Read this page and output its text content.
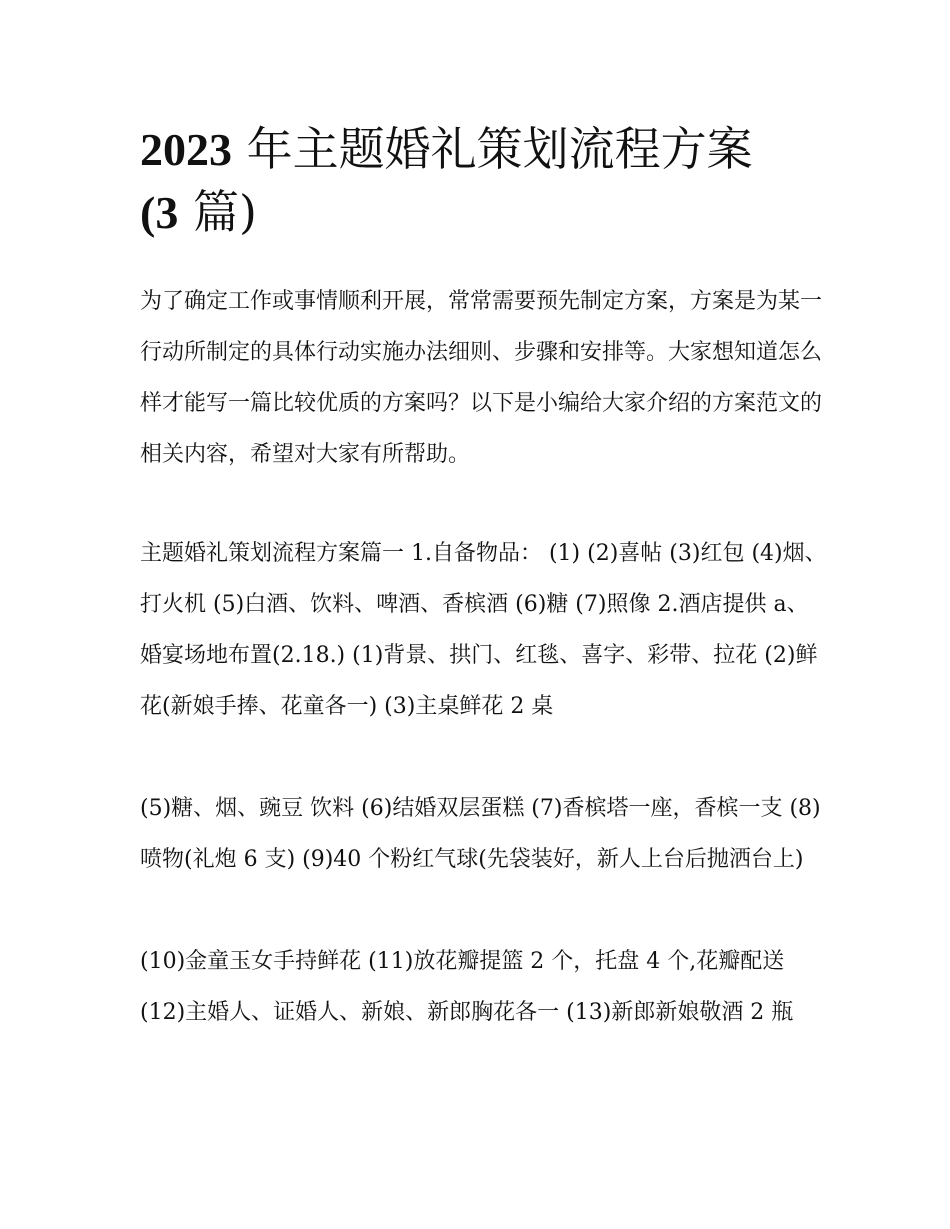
2023 年主题婚礼策划流程方案
(3 篇)

为了确定工作或事情顺利开展，常常需要预先制定方案，方案是为某一行动所制定的具体行动实施办法细则、步骤和安排等。大家想知道怎么样才能写一篇比较优质的方案吗？以下是小编给大家介绍的方案范文的相关内容，希望对大家有所帮助。

主题婚礼策划流程方案篇一 1.自备物品： (1) (2)喜帖 (3)红包 (4)烟、打火机 (5)白酒、饮料、啤酒、香槟酒 (6)糖 (7)照像 2.酒店提供 a、婚宴场地布置(2.18.) (1)背景、拱门、红毯、喜字、彩带、拉花 (2)鲜花(新娘手捧、花童各一) (3)主桌鲜花 2 桌

(5)糖、烟、豌豆 饮料 (6)结婚双层蛋糕 (7)香槟塔一座，香槟一支 (8)喷物(礼炮 6 支) (9)40 个粉红气球(先袋装好，新人上台后抛洒台上)

(10)金童玉女手持鲜花 (11)放花瓣提篮 2 个，托盘 4 个,花瓣配送 (12)主婚人、证婚人、新娘、新郎胸花各一 (13)新郎新娘敬酒 2 瓶
